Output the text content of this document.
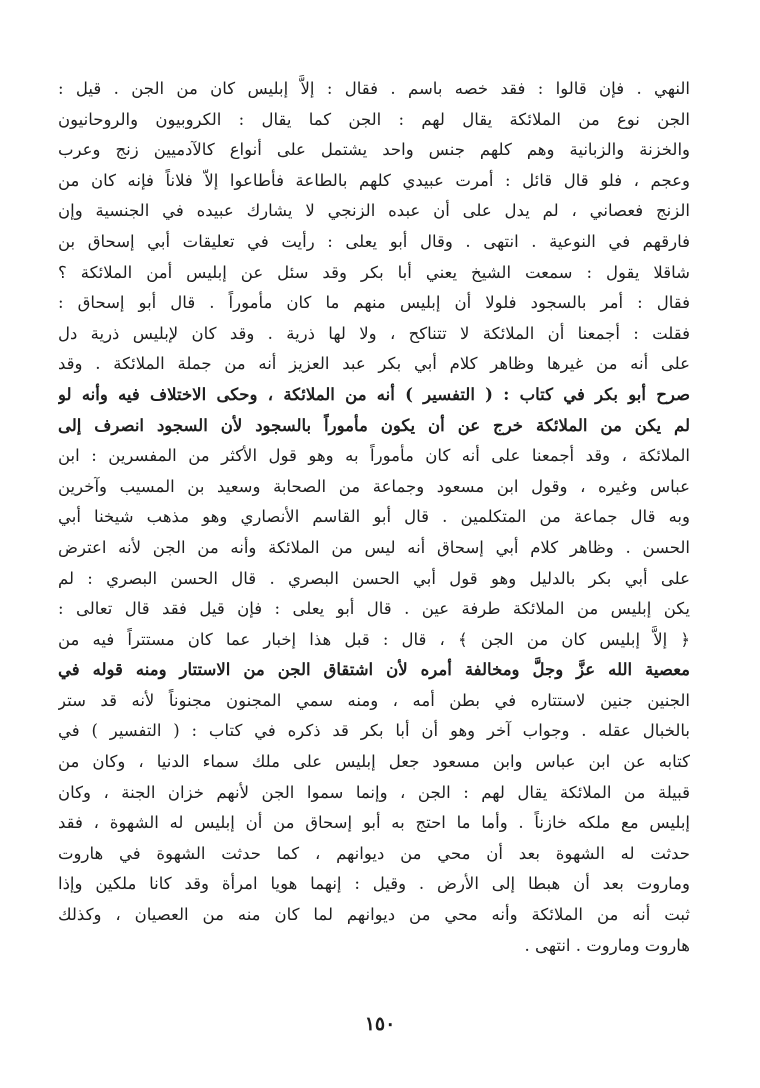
النهي . فإن قالوا : فقد خصه باسم . فقال : إلاَّ إبليس كان من الجن . قيل :
الجن نوع من الملائكة يقال لهم : الجن كما يقال : الكروبيون والروحانيون
والخزنة والزبانية وهم كلهم جنس واحد يشتمل على أنواع كالآدميين زنج وعرب
وعجم ، فلو قال قائل : أمرت عبيدي كلهم بالطاعة فأطاعوا إلاّ فلاناً فإنه كان من
الزنج فعصاني ، لم يدل على أن عبده الزنجي لا يشارك عبيده في الجنسية وإن
فارقهم في النوعية . انتهى . وقال أبو يعلى : رأيت في تعليقات أبي إسحاق بن
شاقلا يقول : سمعت الشيخ يعني أبا بكر وقد سئل عن إبليس أمن الملائكة ؟
فقال : أمر بالسجود فلولا أن إبليس منهم ما كان مأموراً . قال أبو إسحاق :
فقلت : أجمعنا أن الملائكة لا تتناكح ، ولا لها ذرية . وقد كان لإبليس ذرية دل
على أنه من غيرها وظاهر كلام أبي بكر عبد العزيز أنه من جملة الملائكة . وقد
صرح أبو بكر في كتاب : ( التفسير ) أنه من الملائكة ، وحكى الاختلاف فيه وأنه لو
لم يكن من الملائكة خرج عن أن يكون مأموراً بالسجود لأن السجود انصرف إلى
الملائكة ، وقد أجمعنا على أنه كان مأموراً به وهو قول الأكثر من المفسرين : ابن
عباس وغيره ، وقول ابن مسعود وجماعة من الصحابة وسعيد بن المسيب وآخرين
وبه قال جماعة من المتكلمين . قال أبو القاسم الأنصاري وهو مذهب شيخنا أبي
الحسن . وظاهر كلام أبي إسحاق أنه ليس من الملائكة وأنه من الجن لأنه اعترض
على أبي بكر بالدليل وهو قول أبي الحسن البصري . قال الحسن البصري : لم
يكن إبليس من الملائكة طرفة عين . قال أبو يعلى : فإن قيل فقد قال تعالى :
﴿ إلاَّ إبليس كان من الجن ﴾ ، قال : قبل هذا إخبار عما كان مستتراً فيه من
معصية الله عزَّ وجلَّ ومخالفة أمره لأن اشتقاق الجن من الاستتار ومنه قوله في
الجنين جنين لاستتاره في بطن أمه ، ومنه سمي المجنون مجنوناً لأنه قد ستر
بالخبال عقله . وجواب آخر وهو أن أبا بكر قد ذكره في كتاب : ( التفسير ) في
كتابه عن ابن عباس وابن مسعود جعل إبليس على ملك سماء الدنيا ، وكان من
قبيلة من الملائكة يقال لهم : الجن ، وإنما سموا الجن لأنهم خزان الجنة ، وكان
إبليس مع ملكه خازناً . وأما ما احتج به أبو إسحاق من أن إبليس له الشهوة ، فقد
حدثت له الشهوة بعد أن محي من ديوانهم ، كما حدثت الشهوة في هاروت
وماروت بعد أن هبطا إلى الأرض . وقيل : إنهما هويا امرأة وقد كانا ملكين وإذا
ثبت أنه من الملائكة وأنه محي من ديوانهم لما كان منه من العصيان ، وكذلك
هاروت وماروت . انتهى .
١٥٠
